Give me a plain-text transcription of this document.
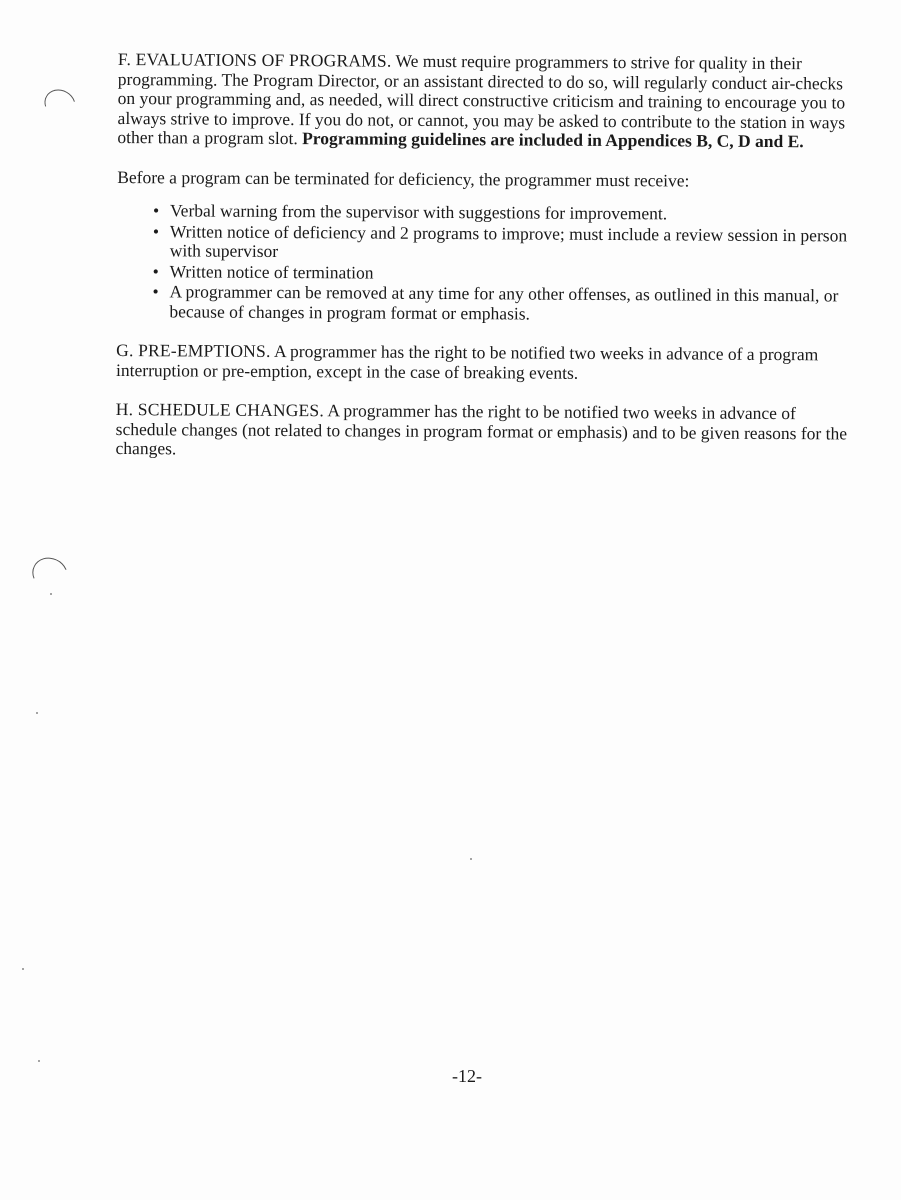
F. EVALUATIONS OF PROGRAMS. We must require programmers to strive for quality in their programming. The Program Director, or an assistant directed to do so, will regularly conduct air-checks on your programming and, as needed, will direct constructive criticism and training to encourage you to always strive to improve. If you do not, or cannot, you may be asked to contribute to the station in ways other than a program slot. Programming guidelines are included in Appendices B, C, D and E.

Before a program can be terminated for deficiency, the programmer must receive:

• Verbal warning from the supervisor with suggestions for improvement.
• Written notice of deficiency and 2 programs to improve; must include a review session in person with supervisor
• Written notice of termination
• A programmer can be removed at any time for any other offenses, as outlined in this manual, or because of changes in program format or emphasis.

G. PRE-EMPTIONS. A programmer has the right to be notified two weeks in advance of a program interruption or pre-emption, except in the case of breaking events.

H. SCHEDULE CHANGES. A programmer has the right to be notified two weeks in advance of schedule changes (not related to changes in program format or emphasis) and to be given reasons for the changes.

-12-
